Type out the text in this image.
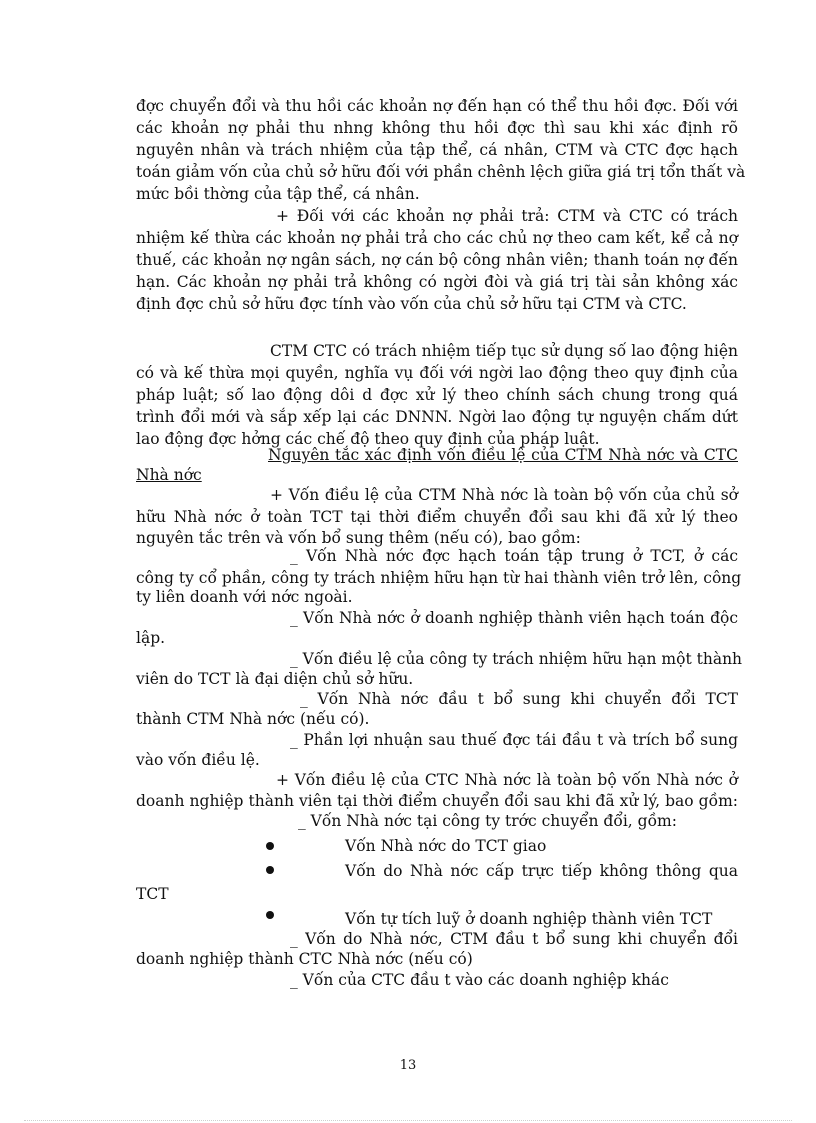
đợc chuyển đổi và thu hồi các khoản nợ đến hạn có thể thu hồi đợc. Đối với
các khoản nợ phải thu nhng không thu hồi đợc thì sau khi xác định rõ
nguyên nhân và trách nhiệm của tập thể, cá nhân, CTM và CTC đợc hạch
toán giảm vốn của chủ sở hữu đối với phần chênh lệch giữa giá trị tổn thất và
mức bồi thờng của tập thể, cá nhân.
+ Đối với các khoản nợ phải trả: CTM và CTC có trách
nhiệm kế thừa các khoản nợ phải trả cho các chủ nợ theo cam kết, kể cả nợ
thuế, các khoản nợ ngân sách, nợ cán bộ công nhân viên; thanh toán nợ đến
hạn. Các khoản nợ phải trả không có ngời đòi và giá trị tài sản không xác
định đợc chủ sở hữu đợc tính vào vốn của chủ sở hữu tại CTM và CTC.
CTM CTC có trách nhiệm tiếp tục sử dụng số lao động hiện
có và kế thừa mọi quyền, nghĩa vụ đối với ngời lao động theo quy định của
pháp luật; số lao động dôi d đợc xử lý theo chính sách chung trong quá
trình đổi mới và sắp xếp lại các DNNN. Ngời lao động tự nguyện chấm dứt
lao động đợc hởng các chế độ theo quy định của pháp luật.
Nguyên tắc xác định vốn điều lệ của CTM Nhà nớc và CTC
Nhà nớc
+ Vốn điều lệ của CTM Nhà nớc là toàn bộ vốn của chủ sở
hữu Nhà nớc ở toàn TCT tại thời điểm chuyển đổi sau khi đã xử lý theo
nguyên tắc trên và vốn bổ sung thêm (nếu có), bao gồm:
_ Vốn Nhà nớc đợc hạch toán tập trung ở TCT, ở các
công ty cổ phần, công ty trách nhiệm hữu hạn từ hai thành viên trở lên, công
ty liên doanh với nớc ngoài.
_ Vốn Nhà nớc ở doanh nghiệp thành viên hạch toán độc
lập.
_ Vốn điều lệ của công ty trách nhiệm hữu hạn một thành
viên do TCT là đại diện chủ sở hữu.
_ Vốn Nhà nớc đầu t bổ sung khi chuyển đổi TCT
thành CTM Nhà nớc (nếu có).
_ Phần lợi nhuận sau thuế đợc tái đầu t và trích bổ sung
vào vốn điều lệ.
+ Vốn điều lệ của CTC Nhà nớc là toàn bộ vốn Nhà nớc ở
doanh nghiệp thành viên tại thời điểm chuyển đổi sau khi đã xử lý, bao gồm:
_ Vốn Nhà nớc tại công ty trớc chuyển đổi, gồm:
Vốn Nhà nớc do TCT giao
Vốn do Nhà nớc cấp trực tiếp không thông qua
TCT
Vốn tự tích luỹ ở doanh nghiệp thành viên TCT
_ Vốn do Nhà nớc, CTM đầu t bổ sung khi chuyển đổi
doanh nghiệp thành CTC Nhà nớc (nếu có)
_ Vốn của CTC đầu t vào các doanh nghiệp khác
13
